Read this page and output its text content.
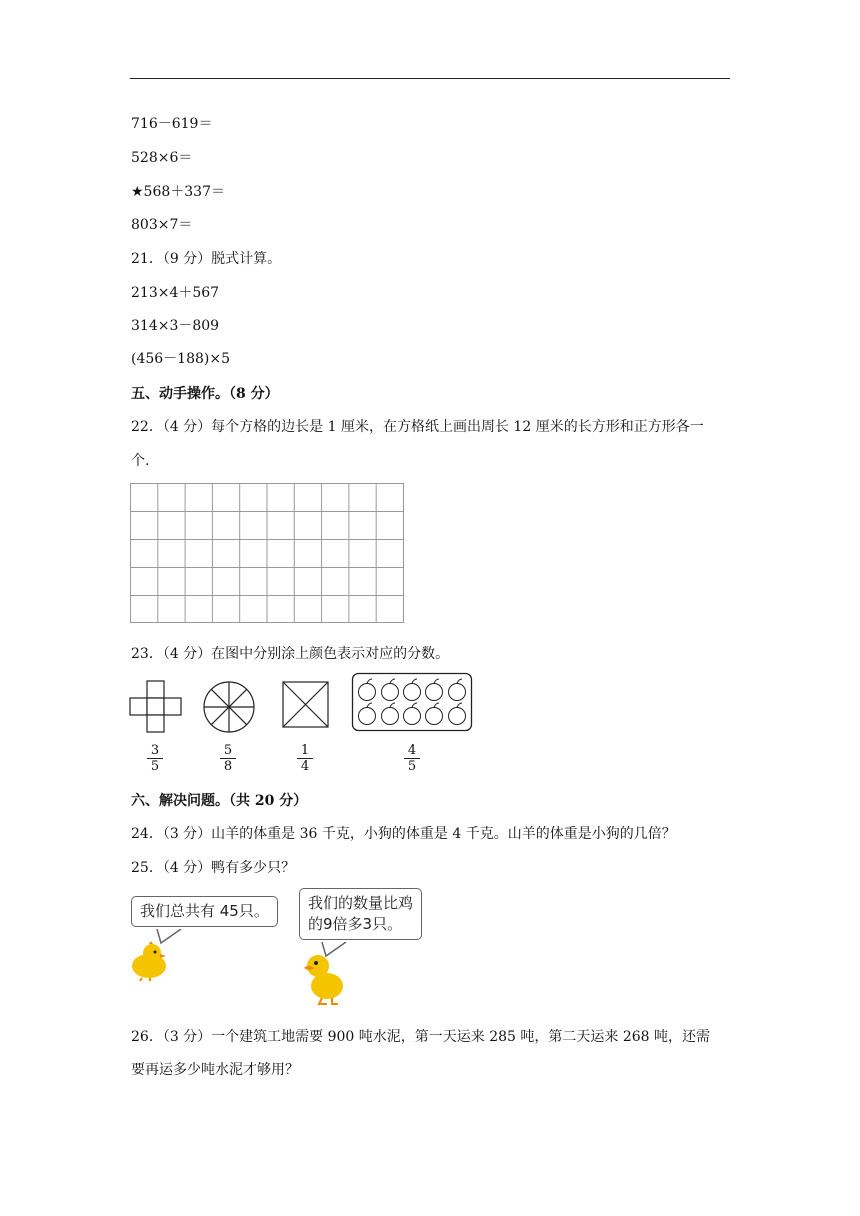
716－619＝
528×6＝
★568＋337＝
803×7＝
21．（9 分）脱式计算。
213×4＋567
314×3－809
(456－188)×5
五、动手操作。（8 分）
22．（4 分）每个方格的边长是 1 厘米，在方格纸上画出周长 12 厘米的长方形和正方形各一
个.
23．（4 分）在图中分别涂上颜色表示对应的分数。
3
5
5
8
1
4
4
5
六、解决问题。（共 20 分）
24．（3 分）山羊的体重是 36 千克，小狗的体重是 4 千克。山羊的体重是小狗的几倍？
25．（4 分）鸭有多少只？
我们总共有 45只。	我们的数量比鸡
的9倍多3只。
26．（3 分）一个建筑工地需要 900 吨水泥，第一天运来 285 吨，第二天运来 268 吨，还需
要再运多少吨水泥才够用？
